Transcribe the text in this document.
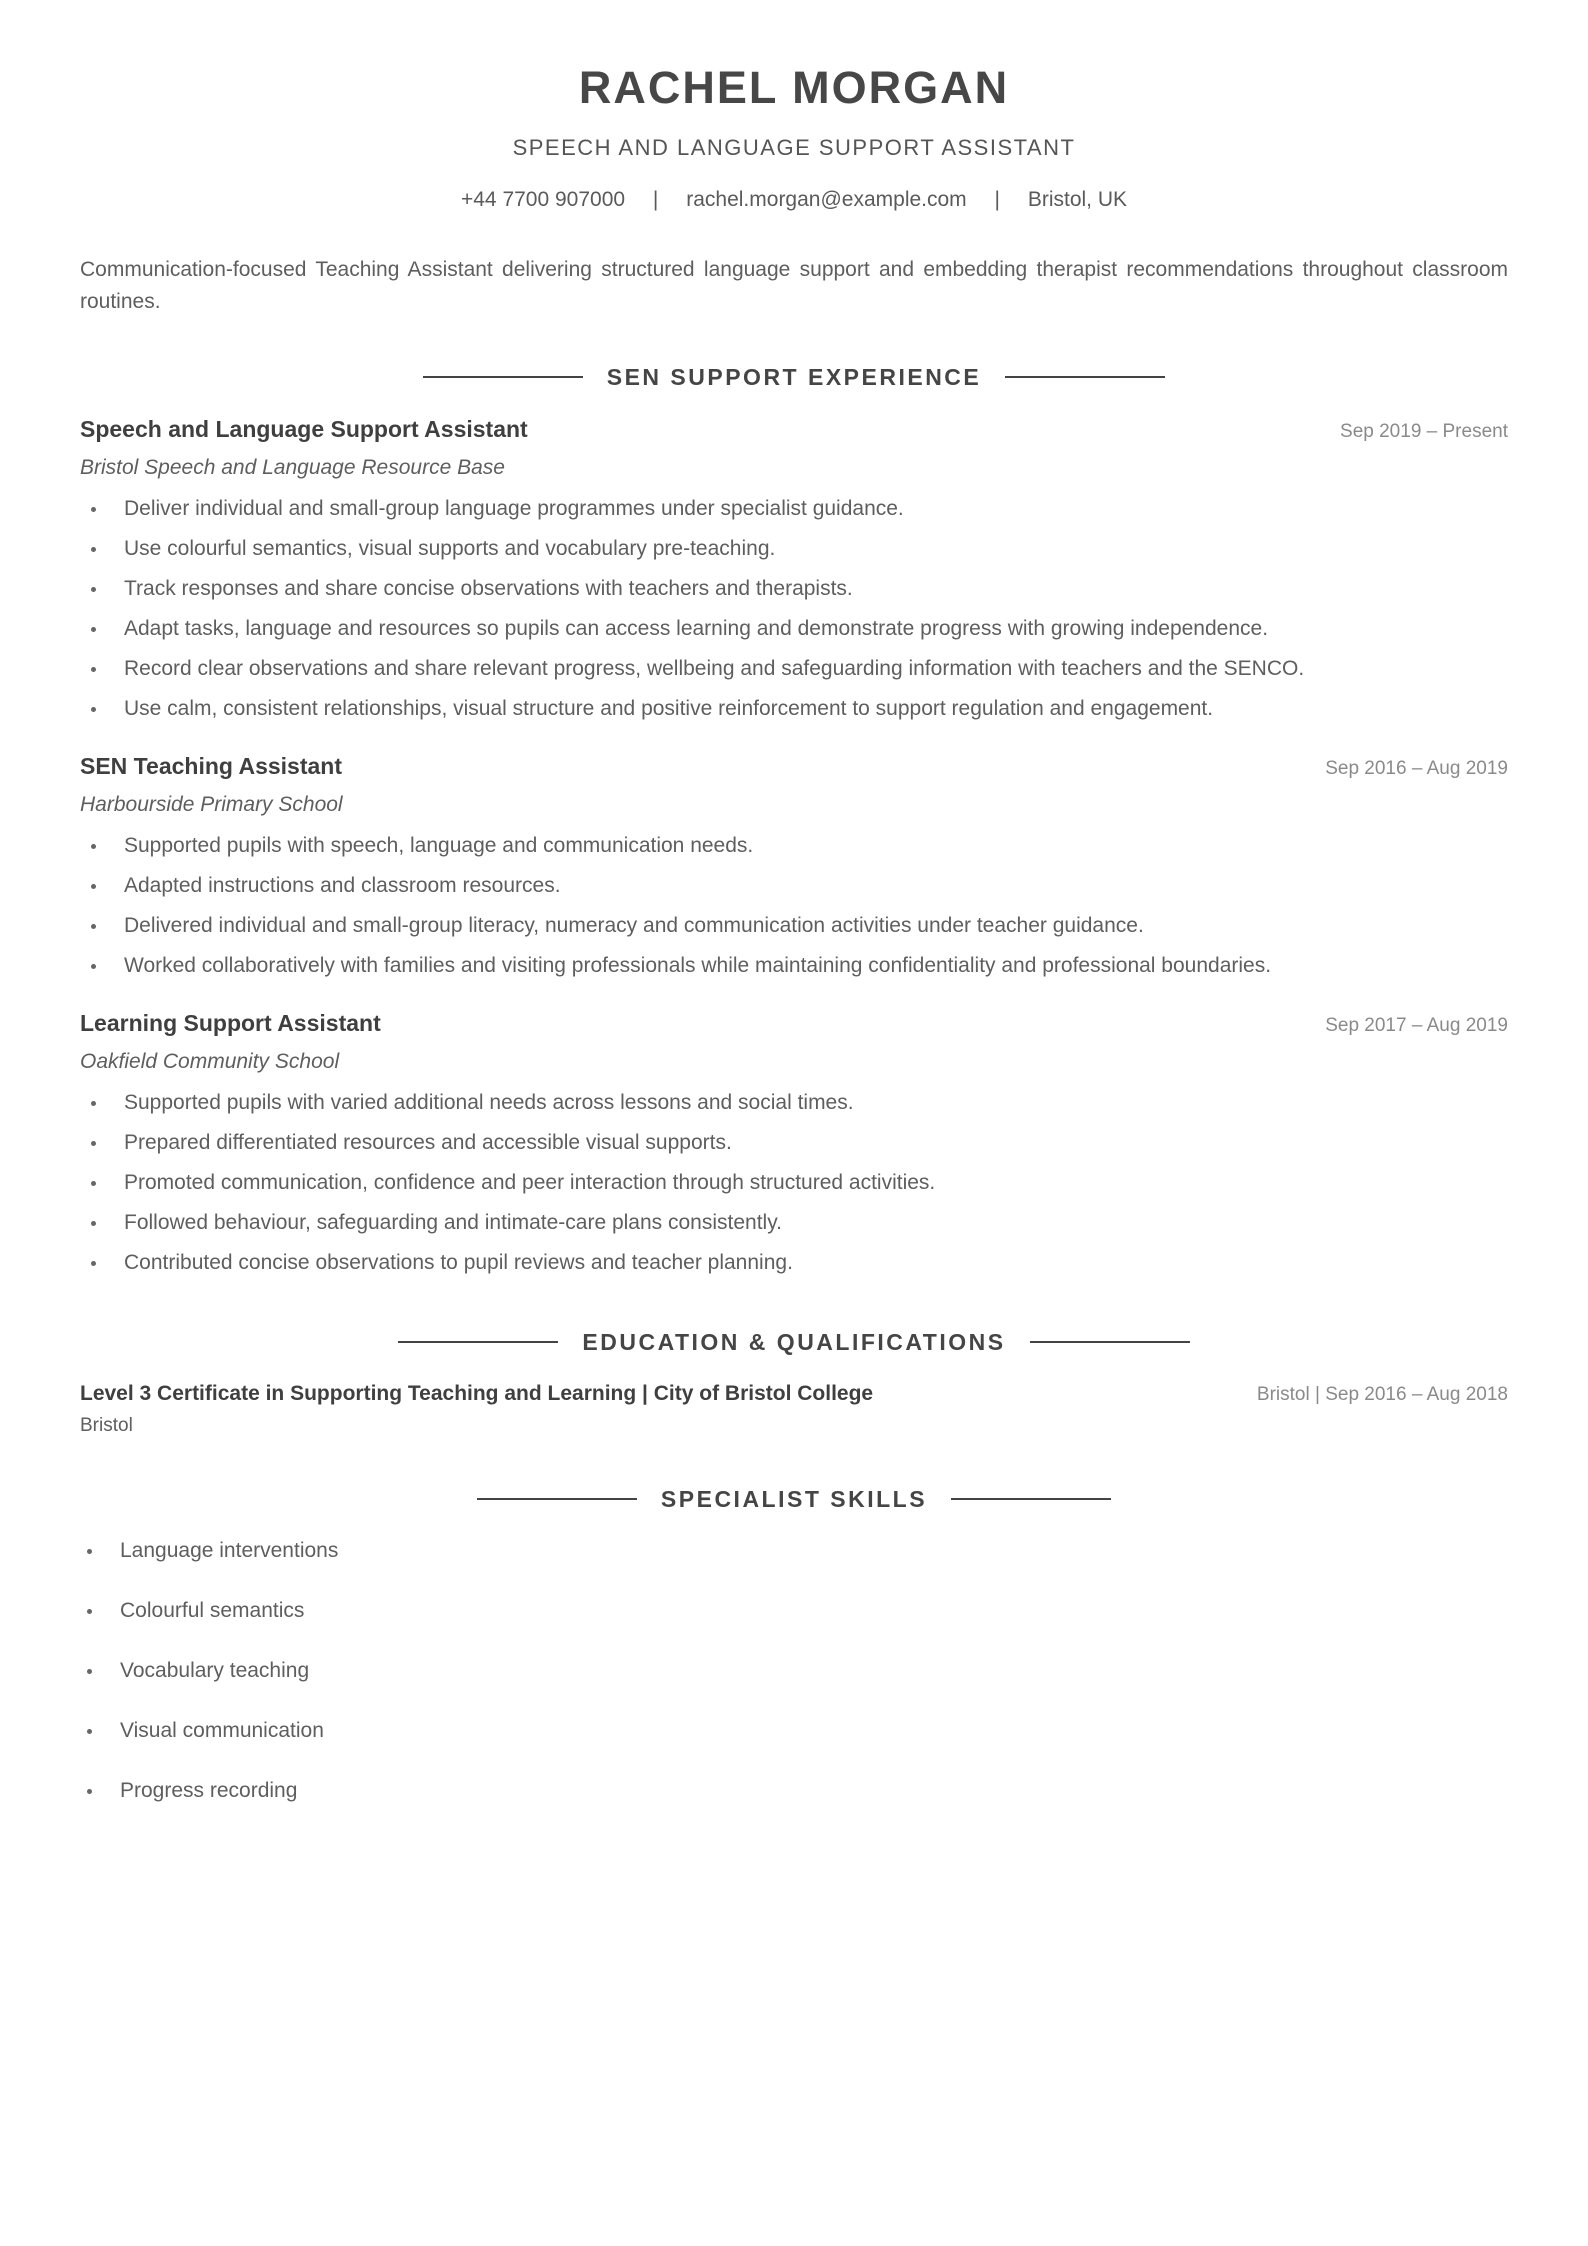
RACHEL MORGAN
SPEECH AND LANGUAGE SUPPORT ASSISTANT
+44 7700 907000 | rachel.morgan@example.com | Bristol, UK
Communication-focused Teaching Assistant delivering structured language support and embedding therapist recommendations throughout classroom routines.
SEN SUPPORT EXPERIENCE
Speech and Language Support Assistant	Sep 2019 – Present
Bristol Speech and Language Resource Base
Deliver individual and small-group language programmes under specialist guidance.
Use colourful semantics, visual supports and vocabulary pre-teaching.
Track responses and share concise observations with teachers and therapists.
Adapt tasks, language and resources so pupils can access learning and demonstrate progress with growing independence.
Record clear observations and share relevant progress, wellbeing and safeguarding information with teachers and the SENCO.
Use calm, consistent relationships, visual structure and positive reinforcement to support regulation and engagement.
SEN Teaching Assistant	Sep 2016 – Aug 2019
Harbourside Primary School
Supported pupils with speech, language and communication needs.
Adapted instructions and classroom resources.
Delivered individual and small-group literacy, numeracy and communication activities under teacher guidance.
Worked collaboratively with families and visiting professionals while maintaining confidentiality and professional boundaries.
Learning Support Assistant	Sep 2017 – Aug 2019
Oakfield Community School
Supported pupils with varied additional needs across lessons and social times.
Prepared differentiated resources and accessible visual supports.
Promoted communication, confidence and peer interaction through structured activities.
Followed behaviour, safeguarding and intimate-care plans consistently.
Contributed concise observations to pupil reviews and teacher planning.
EDUCATION & QUALIFICATIONS
Level 3 Certificate in Supporting Teaching and Learning | City of Bristol College	Bristol | Sep 2016 – Aug 2018
Bristol
SPECIALIST SKILLS
Language interventions
Colourful semantics
Vocabulary teaching
Visual communication
Progress recording
